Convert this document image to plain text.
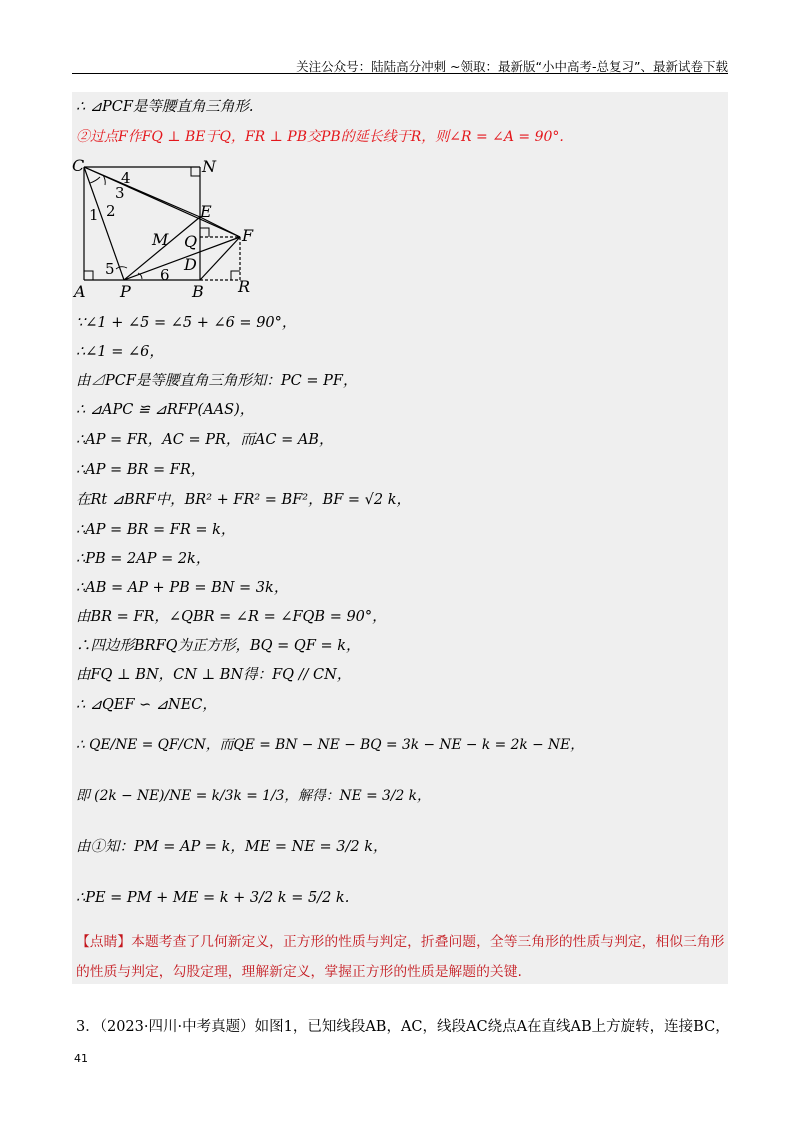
关注公众号：陆陆高分冲刺 ~领取：最新版“小中高考-总复习”、最新试卷下载
∴ ⊿PCF是等腰直角三角形.
②过点F作FQ ⊥ BE于Q，FR ⊥ PB交PB的延长线于R，则∠R = ∠A = 90°.
C	N
E
F
M Q
D
A P	B R
1 2
3
4
5	6
∵∠1 + ∠5 = ∠5 + ∠6 = 90°，
∴∠1 = ∠6，
由⊿PCF是等腰直角三角形知：PC = PF，
∴ ⊿APC ≌ ⊿RFP(AAS)，
∴AP = FR，AC = PR，而AC = AB，
∴AP = BR = FR，
在Rt ⊿BRF中，BR² + FR² = BF²，BF = √2 k，
∴AP = BR = FR = k，
∴PB = 2AP = 2k，
∴AB = AP + PB = BN = 3k，
由BR = FR，∠QBR = ∠R = ∠FQB = 90°，
∴四边形BRFQ为正方形，BQ = QF = k，
由FQ ⊥ BN，CN ⊥ BN得：FQ // CN，
∴ ⊿QEF ∽ ⊿NEC，
∴ QE/NE = QF/CN，而QE = BN − NE − BQ = 3k − NE − k = 2k − NE，
即 (2k − NE)/NE = k/3k = 1/3，解得：NE = 3/2 k，
由①知：PM = AP = k，ME = NE = 3/2 k，
∴PE = PM + ME = k + 3/2 k = 5/2 k.
【点睛】本题考查了几何新定义，正方形的性质与判定，折叠问题，全等三角形的性质与判定，相似三角形的性质与判定，勾股定理，理解新定义，掌握正方形的性质是解题的关键.
3．（2023·四川·中考真题）如图1，已知线段AB，AC，线段AC绕点A在直线AB上方旋转，连接BC，
41
